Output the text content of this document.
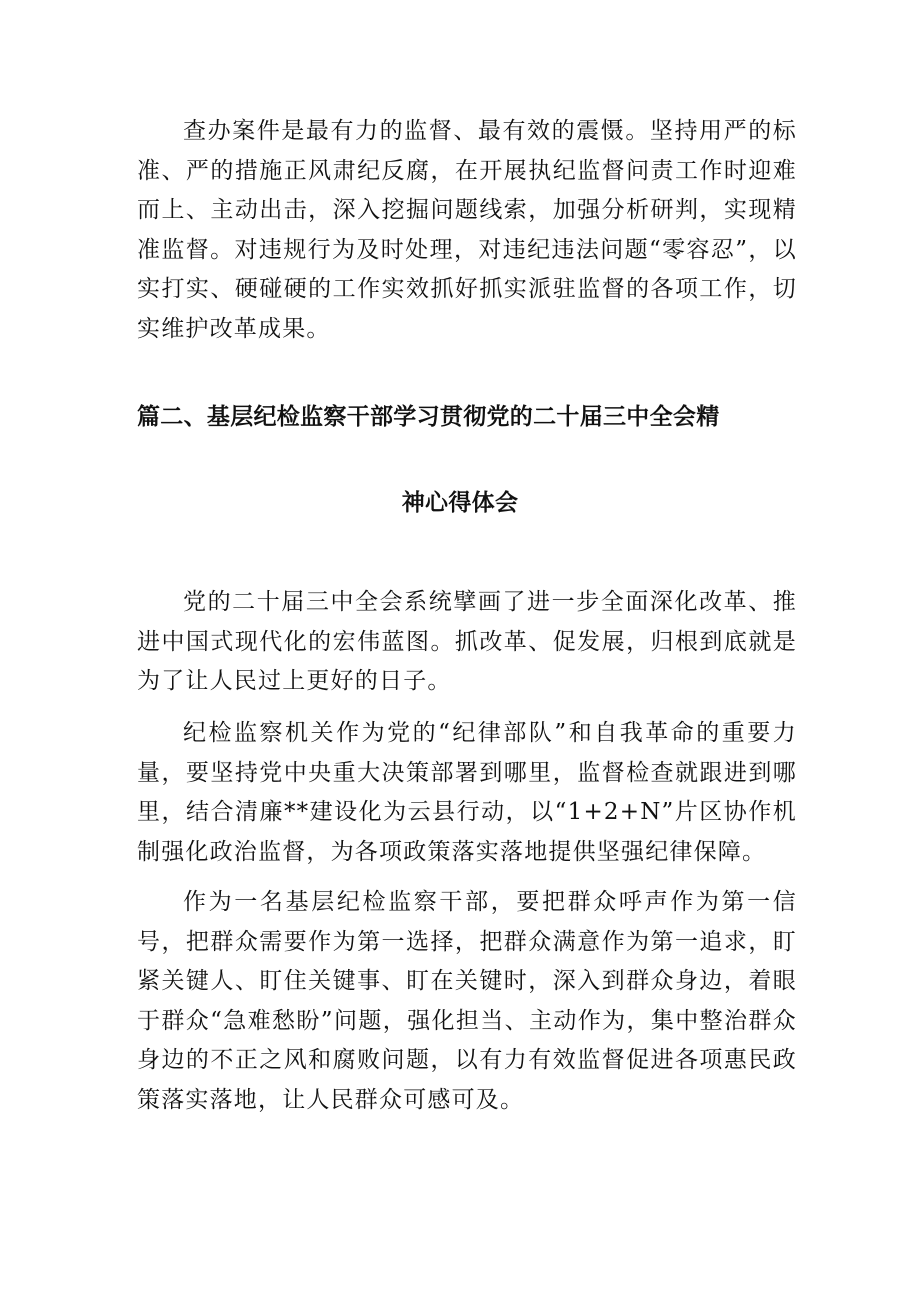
查办案件是最有力的监督、最有效的震慑。坚持用严的标准、严的措施正风肃纪反腐，在开展执纪监督问责工作时迎难而上、主动出击，深入挖掘问题线索，加强分析研判，实现精准监督。对违规行为及时处理，对违纪违法问题“零容忍”，以实打实、硬碰硬的工作实效抓好抓实派驻监督的各项工作，切实维护改革成果。

篇二、基层纪检监察干部学习贯彻党的二十届三中全会精
神心得体会

党的二十届三中全会系统擘画了进一步全面深化改革、推进中国式现代化的宏伟蓝图。抓改革、促发展，归根到底就是为了让人民过上更好的日子。

纪检监察机关作为党的“纪律部队”和自我革命的重要力量，要坚持党中央重大决策部署到哪里，监督检查就跟进到哪里，结合清廉**建设化为云县行动，以“1+2+N”片区协作机制强化政治监督，为各项政策落实落地提供坚强纪律保障。

作为一名基层纪检监察干部，要把群众呼声作为第一信号，把群众需要作为第一选择，把群众满意作为第一追求，盯紧关键人、盯住关键事、盯在关键时，深入到群众身边，着眼于群众“急难愁盼”问题，强化担当、主动作为，集中整治群众身边的不正之风和腐败问题，以有力有效监督促进各项惠民政策落实落地，让人民群众可感可及。
